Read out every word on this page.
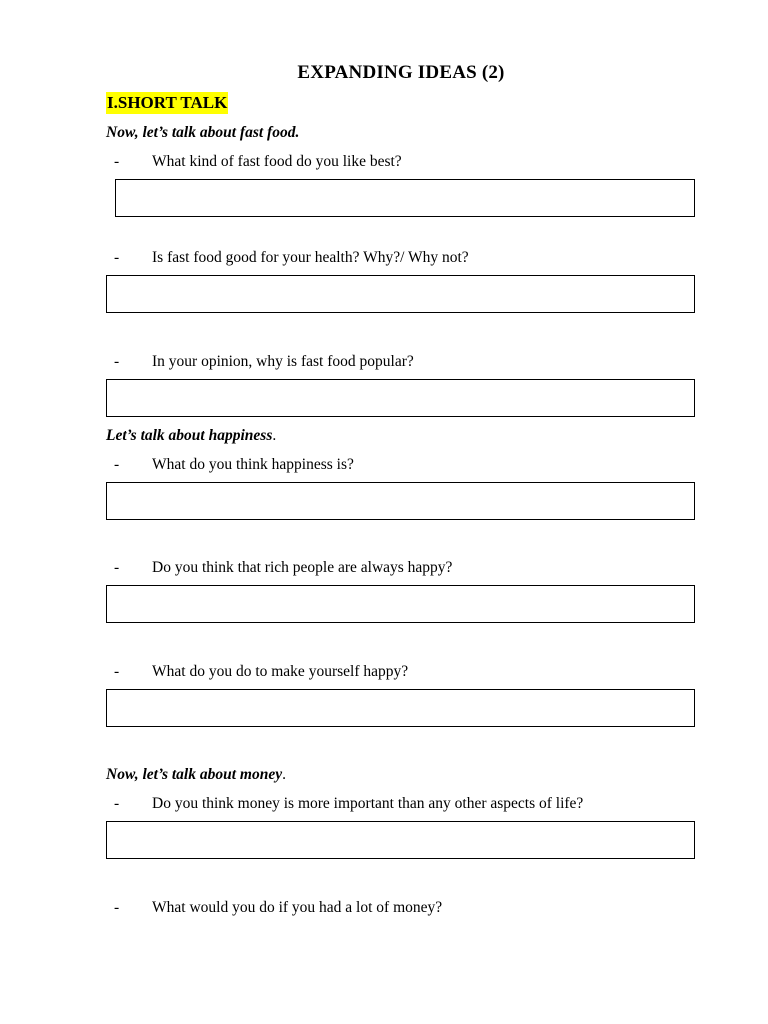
EXPANDING IDEAS (2)
I.SHORT TALK
Now, let’s talk about fast food.
- What kind of fast food do you like best?
- Is fast food good for your health? Why?/ Why not?
- In your opinion, why is fast food popular?
Let’s talk about happiness.
- What do you think happiness is?
- Do you think that rich people are always happy?
- What do you do to make yourself happy?
Now, let’s talk about money.
- Do you think money is more important than any other aspects of life?
- What would you do if you had a lot of money?
